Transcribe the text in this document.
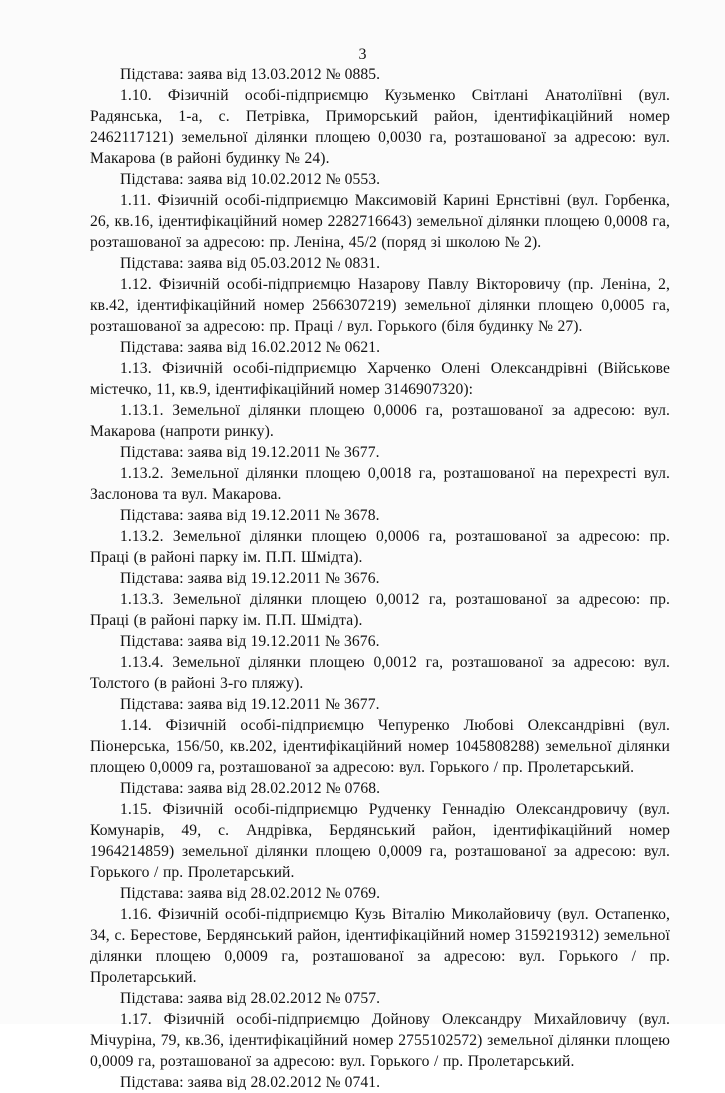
3

Підстава: заява від 13.03.2012 № 0885.

1.10. Фізичній особі-підприємцю Кузьменко Світлані Анатоліївні (вул. Радянська, 1-а, с. Петрівка, Приморський район, ідентифікаційний номер 2462117121) земельної ділянки площею 0,0030 га, розташованої за адресою: вул. Макарова (в районі будинку № 24).

Підстава: заява від 10.02.2012 № 0553.

1.11. Фізичній особі-підприємцю Максимовій Карині Ернстівні (вул. Горбенка, 26, кв.16, ідентифікаційний номер 2282716643) земельної ділянки площею 0,0008 га, розташованої за адресою: пр. Леніна, 45/2 (поряд зі школою № 2).

Підстава: заява від 05.03.2012 № 0831.

1.12. Фізичній особі-підприємцю Назарову Павлу Вікторовичу (пр. Леніна, 2, кв.42, ідентифікаційний номер 2566307219) земельної ділянки площею 0,0005 га, розташованої за адресою: пр. Праці / вул. Горького (біля будинку № 27).

Підстава: заява від 16.02.2012 № 0621.

1.13. Фізичній особі-підприємцю Харченко Олені Олександрівні (Військове містечко, 11, кв.9, ідентифікаційний номер 3146907320):

1.13.1. Земельної ділянки площею 0,0006 га, розташованої за адресою: вул. Макарова (напроти ринку).

Підстава: заява від 19.12.2011 № 3677.

1.13.2. Земельної ділянки площею 0,0018 га, розташованої на перехресті вул. Заслонова та вул. Макарова.

Підстава: заява від 19.12.2011 № 3678.

1.13.2. Земельної ділянки площею 0,0006 га, розташованої за адресою: пр. Праці (в районі парку ім. П.П. Шмідта).

Підстава: заява від 19.12.2011 № 3676.

1.13.3. Земельної ділянки площею 0,0012 га, розташованої за адресою: пр. Праці (в районі парку ім. П.П. Шмідта).

Підстава: заява від 19.12.2011 № 3676.

1.13.4. Земельної ділянки площею 0,0012 га, розташованої за адресою: вул. Толстого (в районі 3-го пляжу).

Підстава: заява від 19.12.2011 № 3677.

1.14. Фізичній особі-підприємцю Чепуренко Любові Олександрівні (вул. Піонерська, 156/50, кв.202, ідентифікаційний номер 1045808288) земельної ділянки площею 0,0009 га, розташованої за адресою: вул. Горького / пр. Пролетарський.

Підстава: заява від 28.02.2012 № 0768.

1.15. Фізичній особі-підприємцю Рудченку Геннадію Олександровичу (вул. Комунарів, 49, с. Андрівка, Бердянський район, ідентифікаційний номер 1964214859) земельної ділянки площею 0,0009 га, розташованої за адресою: вул. Горького / пр. Пролетарський.

Підстава: заява від 28.02.2012 № 0769.

1.16. Фізичній особі-підприємцю Кузь Віталію Миколайовичу (вул. Остапенко, 34, с. Берестове, Бердянський район, ідентифікаційний номер 3159219312) земельної ділянки площею 0,0009 га, розташованої за адресою: вул. Горького / пр. Пролетарський.

Підстава: заява від 28.02.2012 № 0757.

1.17. Фізичній особі-підприємцю Дойнову Олександру Михайловичу (вул. Мічуріна, 79, кв.36, ідентифікаційний номер 2755102572) земельної ділянки площею 0,0009 га, розташованої за адресою: вул. Горького / пр. Пролетарський.

Підстава: заява від 28.02.2012 № 0741.
